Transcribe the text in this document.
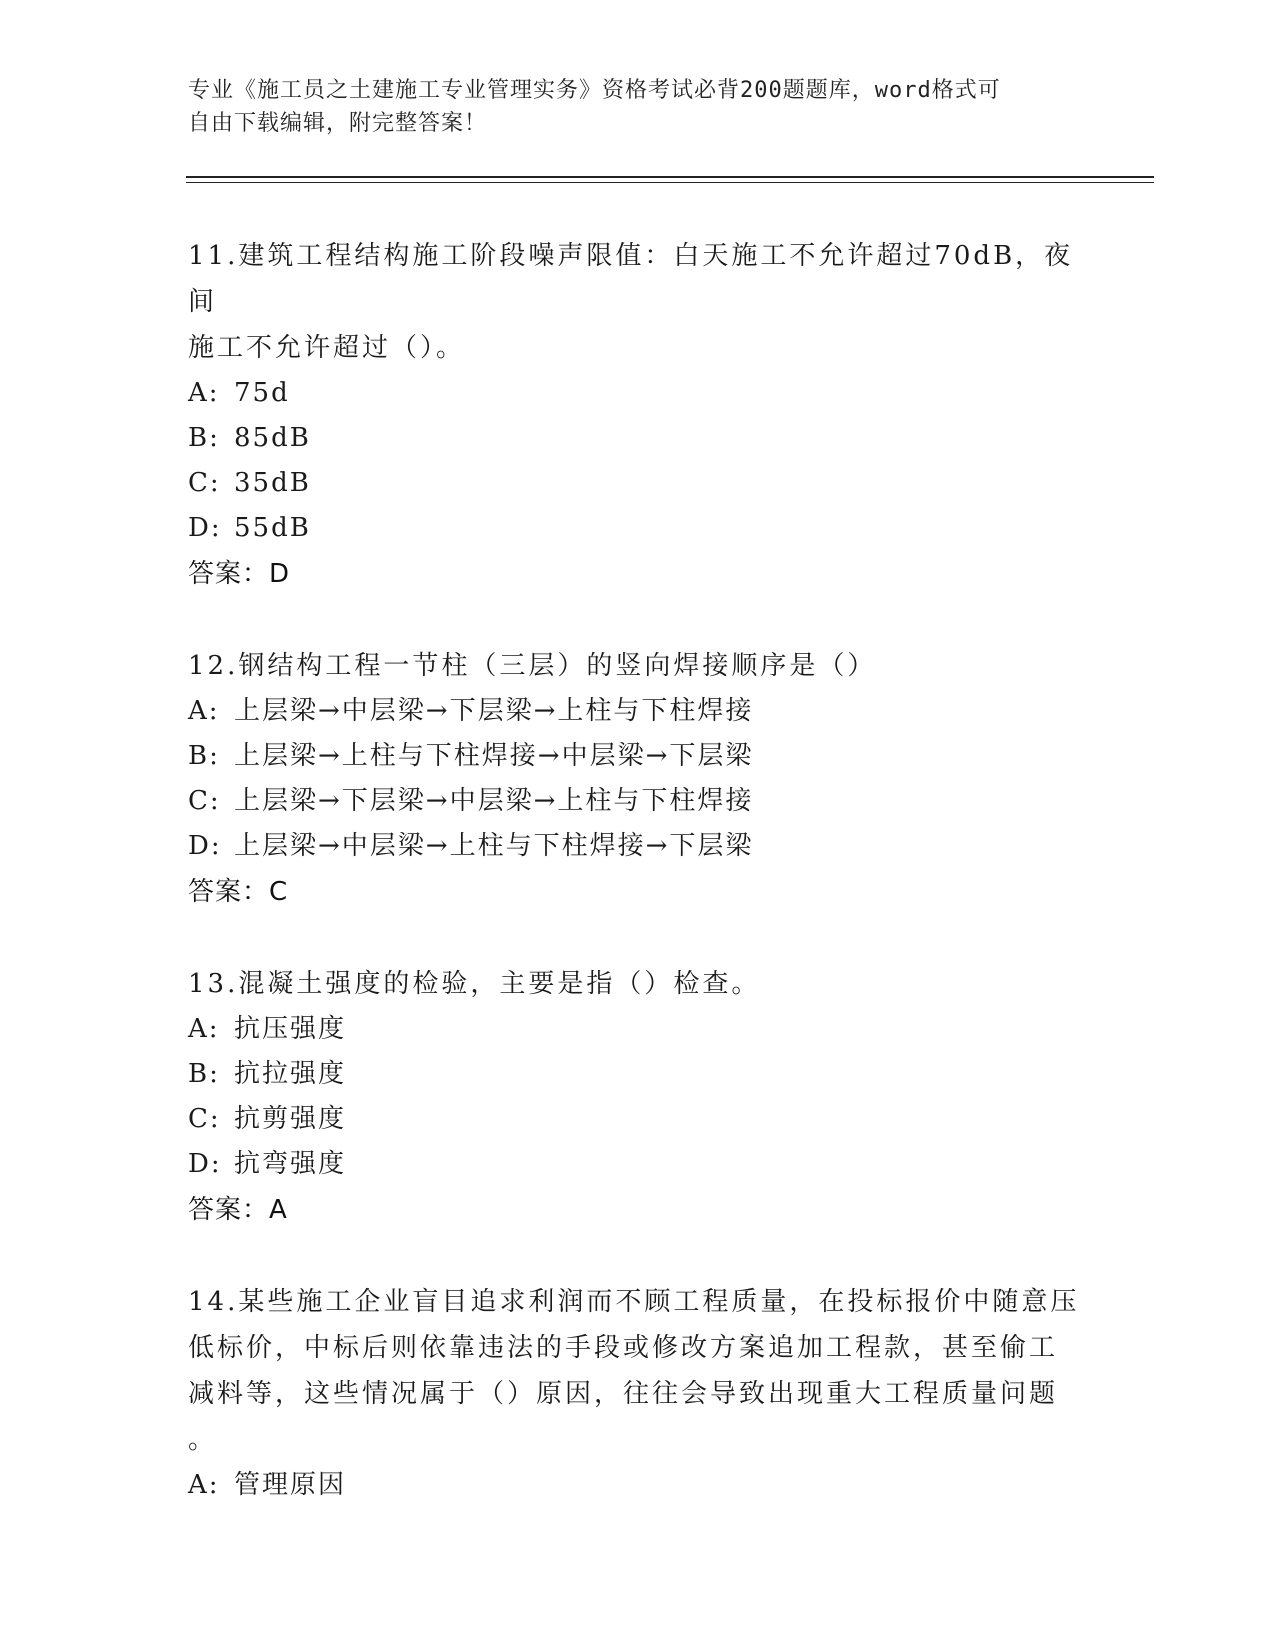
专业《施工员之土建施工专业管理实务》资格考试必背200题题库，word格式可
自由下载编辑，附完整答案！
11.建筑工程结构施工阶段噪声限值：白天施工不允许超过70dB，夜间
施工不允许超过（）。
A: 75d
B: 85dB
C: 35dB
D: 55dB
答案：D
12.钢结构工程一节柱（三层）的竖向焊接顺序是（）
A: 上层梁→中层梁→下层梁→上柱与下柱焊接
B: 上层梁→上柱与下柱焊接→中层梁→下层梁
C: 上层梁→下层梁→中层梁→上柱与下柱焊接
D: 上层梁→中层梁→上柱与下柱焊接→下层梁
答案：C
13.混凝土强度的检验，主要是指（）检查。
A: 抗压强度
B: 抗拉强度
C: 抗剪强度
D: 抗弯强度
答案：A
14.某些施工企业盲目追求利润而不顾工程质量，在投标报价中随意压
低标价，中标后则依靠违法的手段或修改方案追加工程款，甚至偷工
减料等，这些情况属于（）原因，往往会导致出现重大工程质量问题
。
A: 管理原因
